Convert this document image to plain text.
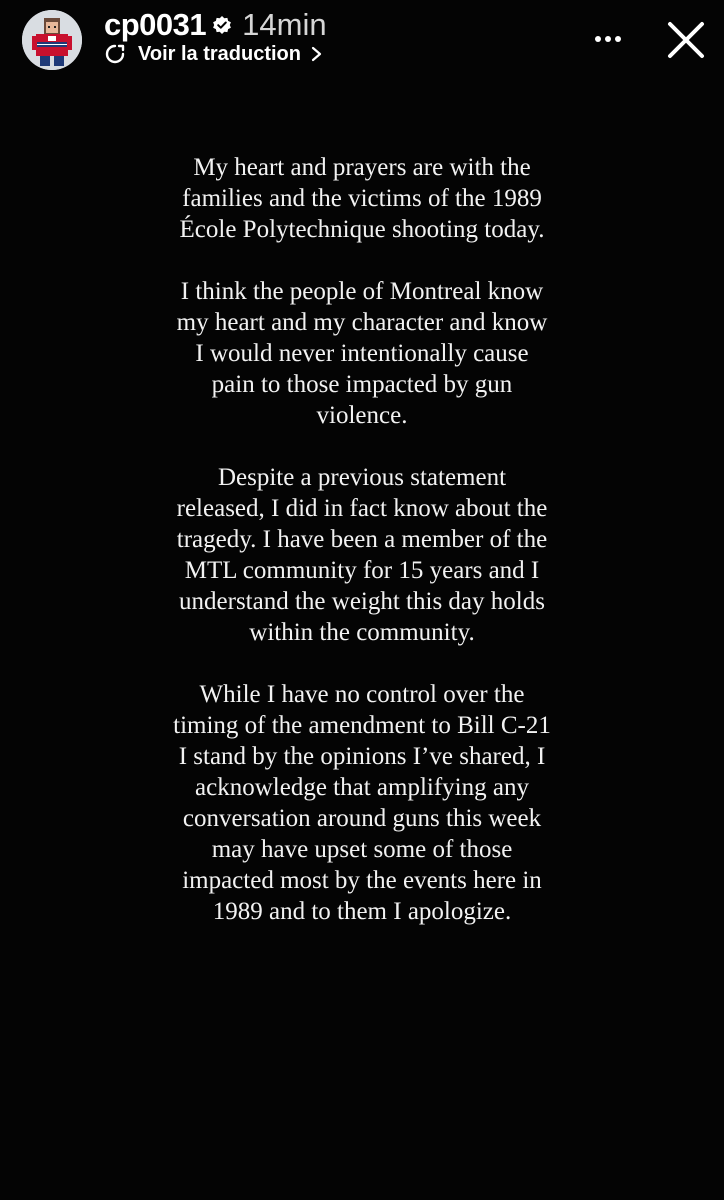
cp0031 14min
Voir la traduction

My heart and prayers are with the families and the victims of the 1989 École Polytechnique shooting today.

I think the people of Montreal know my heart and my character and know I would never intentionally cause pain to those impacted by gun violence.

Despite a previous statement released, I did in fact know about the tragedy. I have been a member of the MTL community for 15 years and I understand the weight this day holds within the community.

While I have no control over the timing of the amendment to Bill C-21 I stand by the opinions I’ve shared, I acknowledge that amplifying any conversation around guns this week may have upset some of those impacted most by the events here in 1989 and to them I apologize.
